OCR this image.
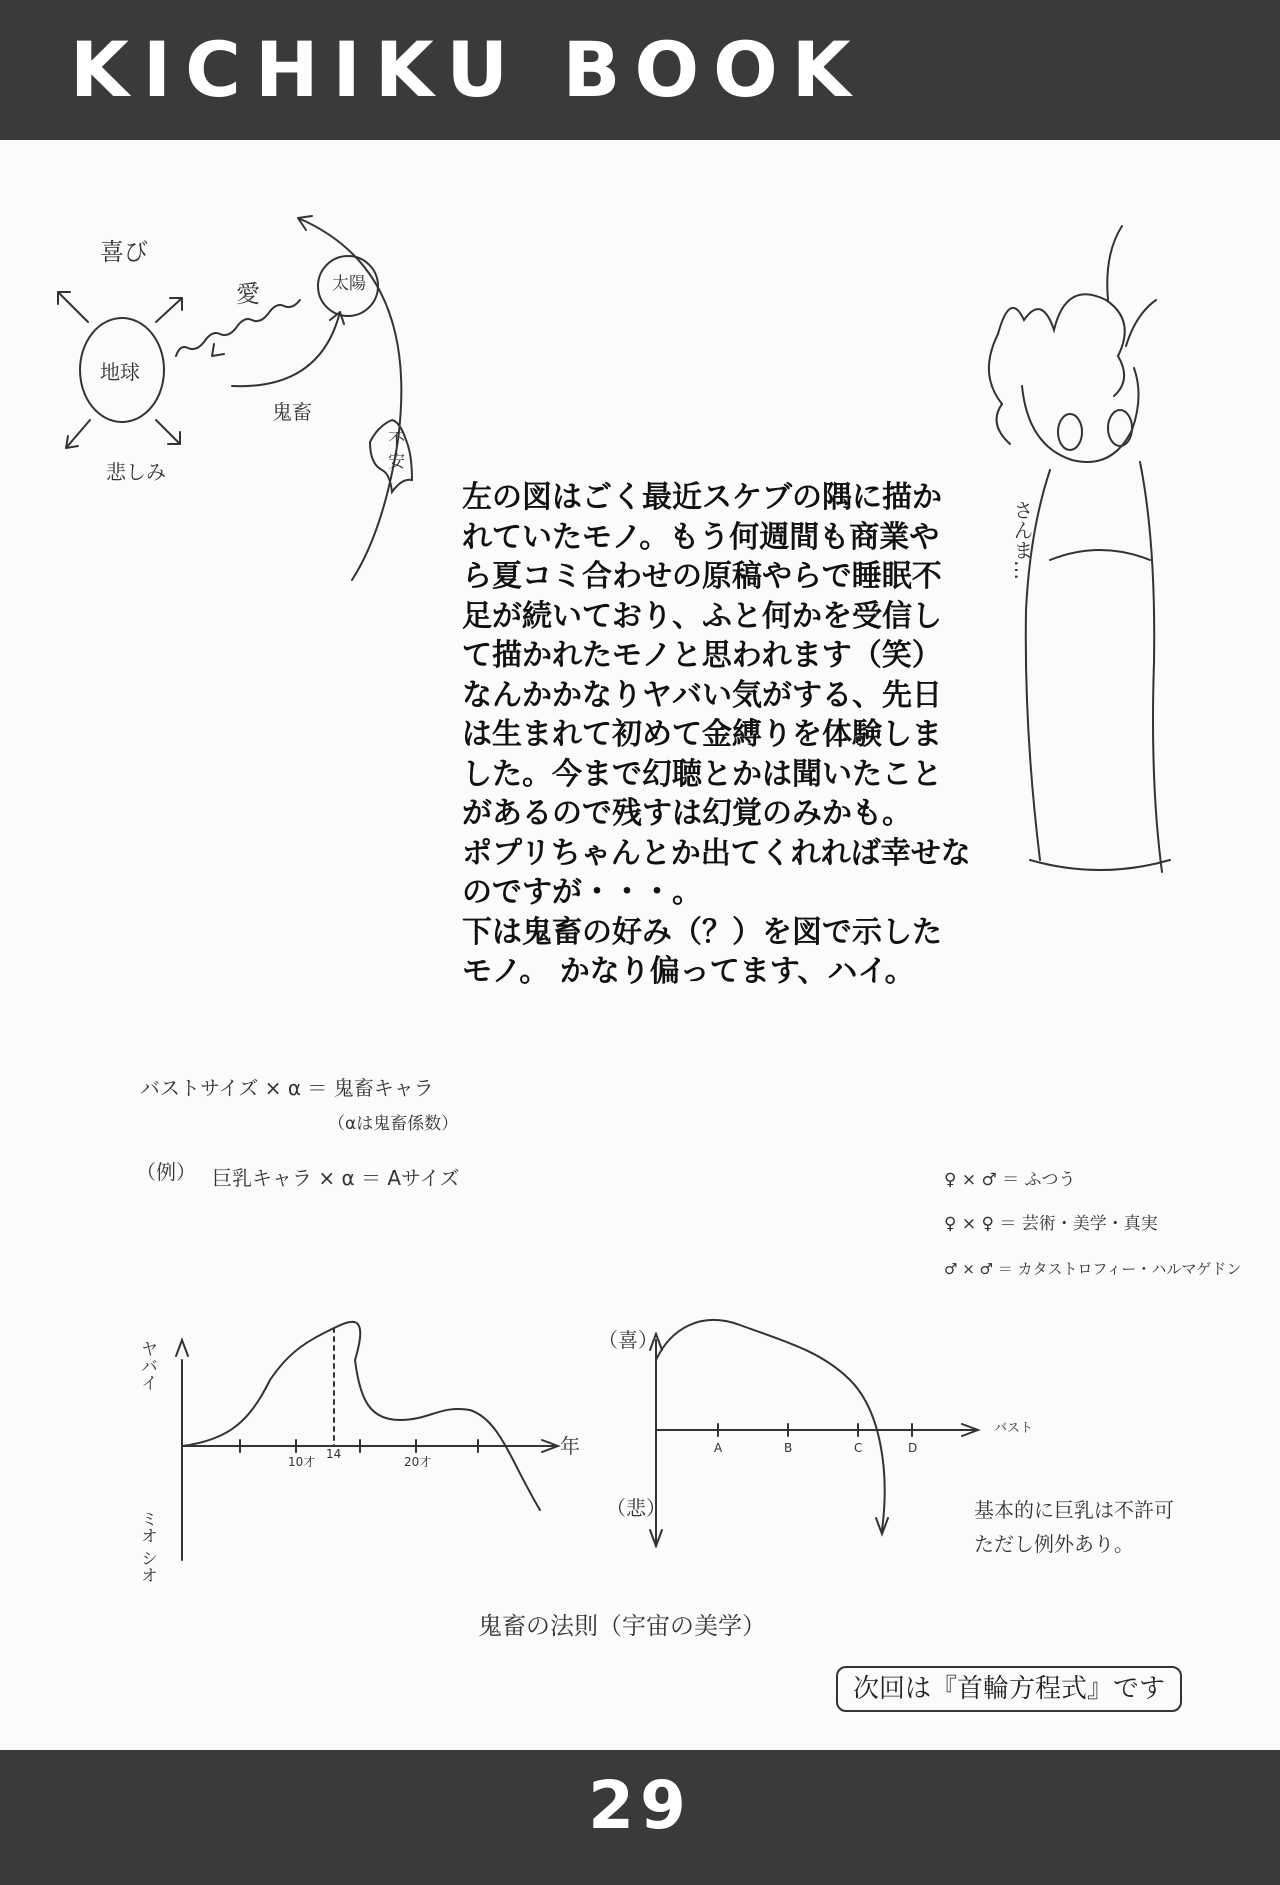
KICHIKU BOOK
29
喜び
地球
悲しみ
愛	太陽
鬼畜
不
安
左の図はごく最近スケブの隅に描か
れていたモノ。もう何週間も商業や
ら夏コミ合わせの原稿やらで睡眠不
足が続いており、ふと何かを受信し
て描かれたモノと思われます（笑）
なんかかなりヤバい気がする、先日
は生まれて初めて金縛りを体験しま
した。今まで幻聴とかは聞いたこと
があるので残すは幻覚のみかも。
ポプリちゃんとか出てくれれば幸せな
のですが・・・。
下は鬼畜の好み（？）を図で示した
モノ。 かなり偏ってます、ハイ。
さんま…
バストサイズ × α ＝ 鬼畜キャラ
（αは鬼畜係数）
（例） 巨乳キャラ × α ＝ Aサイズ	♀ × ♂ ＝ ふつう
♀ × ♀ ＝ 芸術・美学・真実
♂ × ♂ ＝ カタストロフィー・ハルマゲドン
ヤバイ
ミオ シオ
年
10才
14
20才
（喜）
（悲）
バスト
A	B	C	D
基本的に巨乳は不許可
ただし例外あり。
鬼畜の法則（宇宙の美学）
次回は『首輪方程式』です
